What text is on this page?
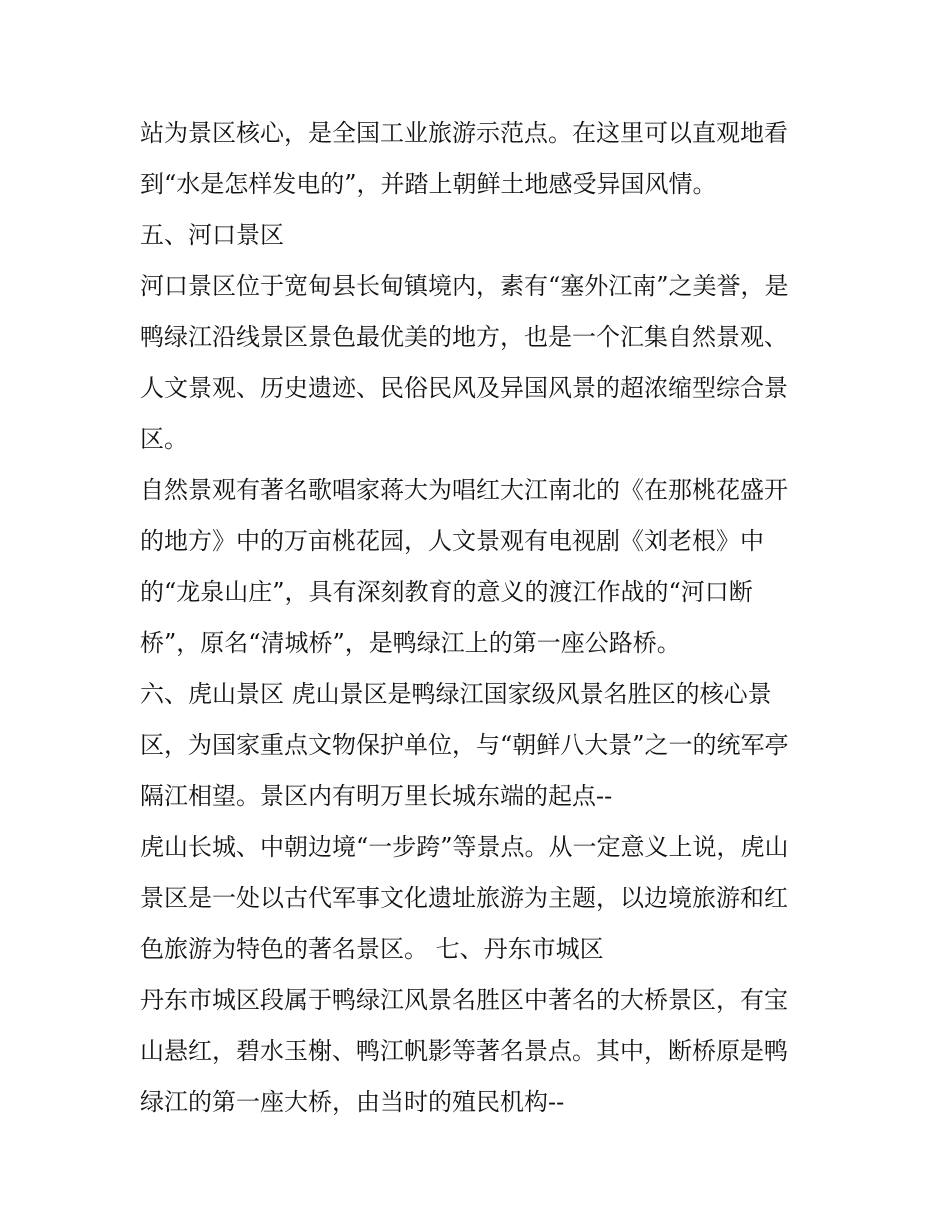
站为景区核心，是全国工业旅游示范点。在这里可以直观地看
到“水是怎样发电的”，并踏上朝鲜土地感受异国风情。
五、河口景区
河口景区位于宽甸县长甸镇境内，素有“塞外江南”之美誉，是
鸭绿江沿线景区景色最优美的地方，也是一个汇集自然景观、
人文景观、历史遗迹、民俗民风及异国风景的超浓缩型综合景
区。
自然景观有著名歌唱家蒋大为唱红大江南北的《在那桃花盛开
的地方》中的万亩桃花园，人文景观有电视剧《刘老根》中
的“龙泉山庄”，具有深刻教育的意义的渡江作战的“河口断
桥”，原名“清城桥”，是鸭绿江上的第一座公路桥。
六、虎山景区 虎山景区是鸭绿江国家级风景名胜区的核心景
区，为国家重点文物保护单位，与“朝鲜八大景”之一的统军亭
隔江相望。景区内有明万里长城东端的起点--
虎山长城、中朝边境“一步跨”等景点。从一定意义上说，虎山
景区是一处以古代军事文化遗址旅游为主题，以边境旅游和红
色旅游为特色的著名景区。 七、丹东市城区
丹东市城区段属于鸭绿江风景名胜区中著名的大桥景区，有宝
山悬红，碧水玉榭、鸭江帆影等著名景点。其中，断桥原是鸭
绿江的第一座大桥，由当时的殖民机构--
